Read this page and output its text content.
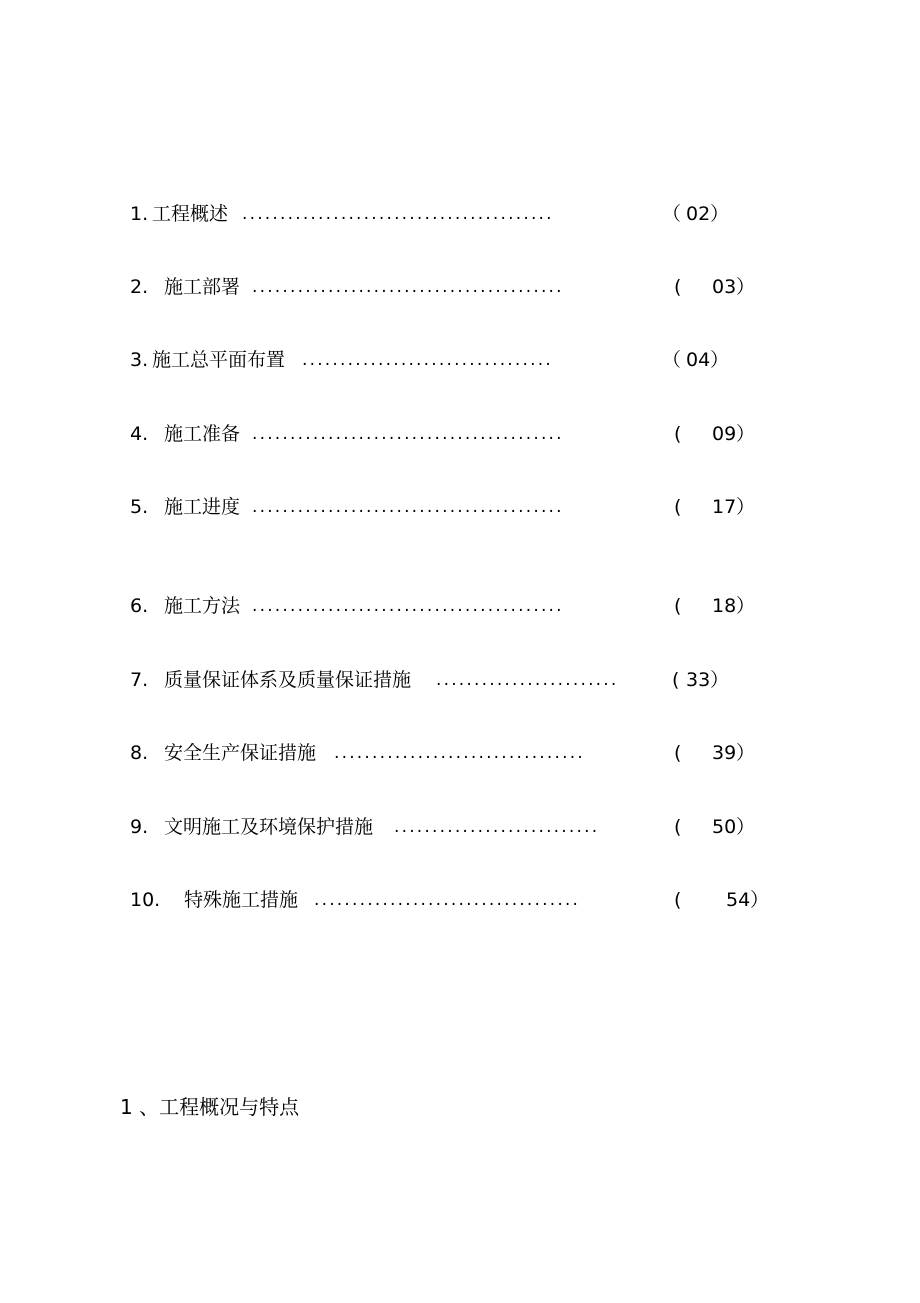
1. 工程概述 .........................................	（ 02 ）
2. 施工部署 .........................................	( 03 ）
3. 施工总平面布置 .................................	（ 04 ）
4. 施工准备 .........................................	( 09 ）
5. 施工进度 .........................................	( 17 ）
6. 施工方法 .........................................	( 18 ）
7. 质量保证体系及质量保证措施 ........................	( 33 ）
8. 安全生产保证措施 .................................	( 39 ）
9. 文明施工及环境保护措施 ...........................	( 50 ）
10. 特殊施工措施 ...................................	( 54 ）
1 、工程概况与特点
